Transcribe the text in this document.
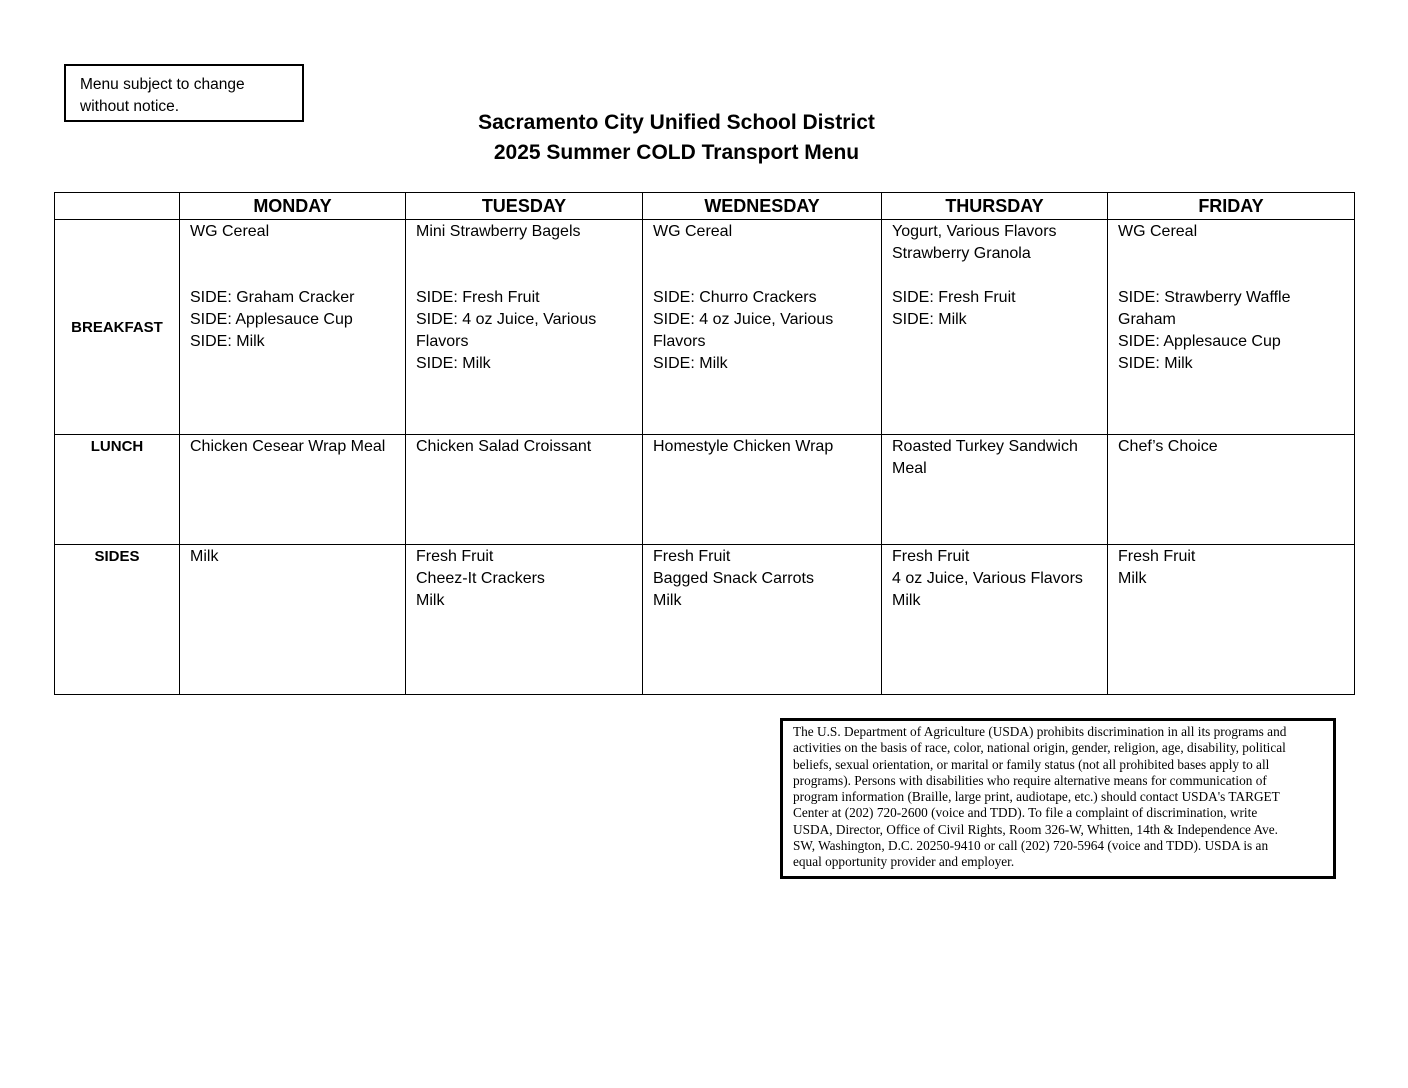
Menu subject to change
without notice.
Sacramento City Unified School District
2025 Summer COLD Transport Menu
	MONDAY	TUESDAY	WEDNESDAY	THURSDAY	FRIDAY
BREAKFAST	WG Cereal
SIDE: Graham Cracker
SIDE: Applesauce Cup
SIDE: Milk	Mini Strawberry Bagels
SIDE: Fresh Fruit
SIDE: 4 oz Juice, Various
Flavors
SIDE: Milk	WG Cereal
SIDE: Churro Crackers
SIDE: 4 oz Juice, Various
Flavors
SIDE: Milk	Yogurt, Various Flavors
Strawberry Granola
SIDE: Fresh Fruit
SIDE: Milk	WG Cereal
SIDE: Strawberry Waffle
Graham
SIDE: Applesauce Cup
SIDE: Milk

LUNCH	Chicken Cesear Wrap Meal	Chicken Salad Croissant	Homestyle Chicken Wrap	Roasted Turkey Sandwich
Meal	Chef’s Choice

SIDES	Milk	Fresh Fruit
Cheez-It Crackers
Milk	Fresh Fruit
Bagged Snack Carrots
Milk	Fresh Fruit
4 oz Juice, Various Flavors
Milk	Fresh Fruit
Milk
The U.S. Department of Agriculture (USDA) prohibits discrimination in all its programs and
activities on the basis of race, color, national origin, gender, religion, age, disability, political
beliefs, sexual orientation, or marital or family status (not all prohibited bases apply to all
programs). Persons with disabilities who require alternative means for communication of
program information (Braille, large print, audiotape, etc.) should contact USDA's TARGET
Center at (202) 720-2600 (voice and TDD). To file a complaint of discrimination, write
USDA, Director, Office of Civil Rights, Room 326-W, Whitten, 14th & Independence Ave.
SW, Washington, D.C. 20250-9410 or call (202) 720-5964 (voice and TDD). USDA is an
equal opportunity provider and employer.
